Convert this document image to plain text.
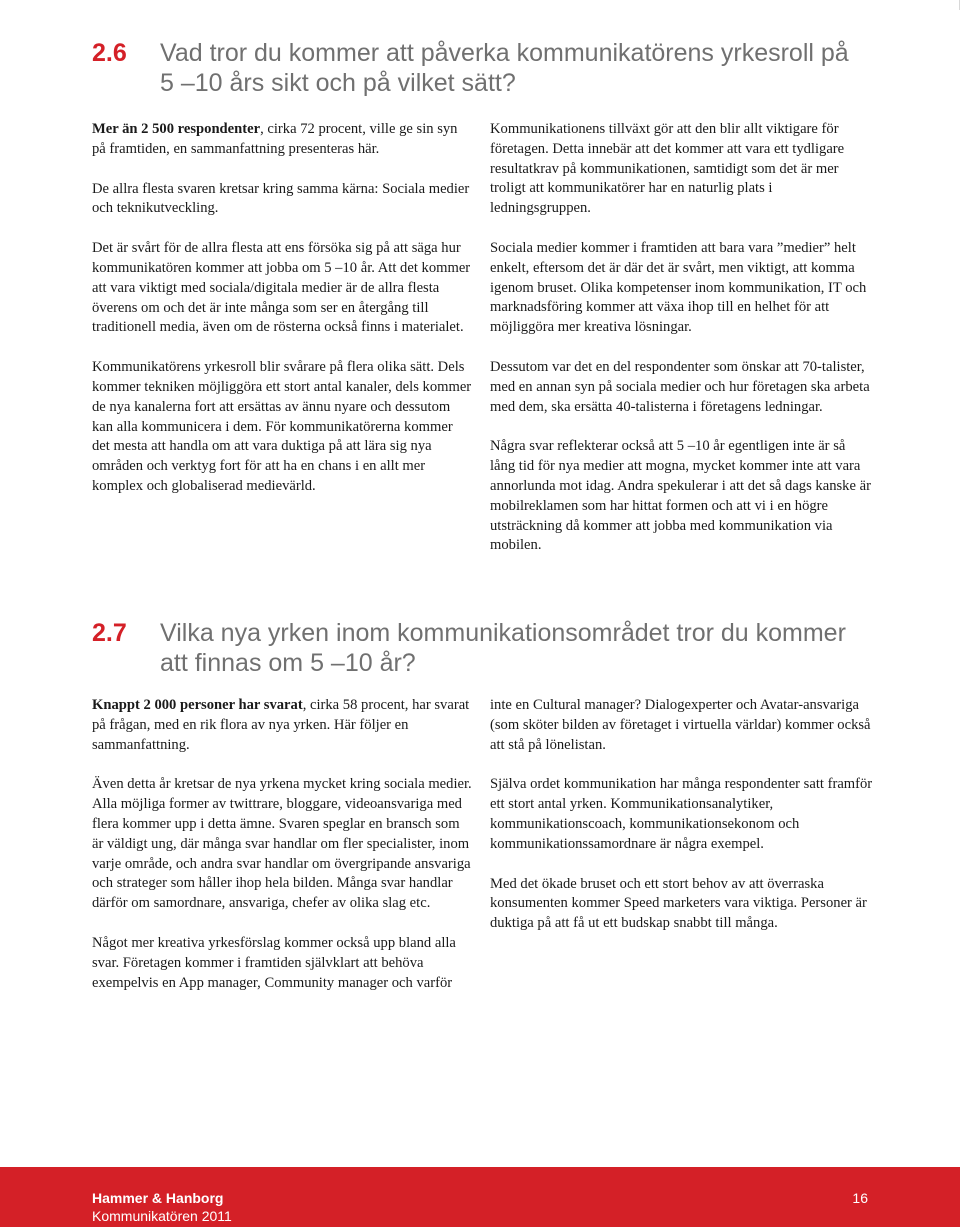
2.6 Vad tror du kommer att påverka kommunikatörens yrkesroll på 5 –10 års sikt och på vilket sätt?

Mer än 2 500 respondenter, cirka 72 procent, ville ge sin syn på framtiden, en sammanfattning presenteras här.

De allra flesta svaren kretsar kring samma kärna: Sociala medier och teknikutveckling.

Det är svårt för de allra flesta att ens försöka sig på att säga hur kommunikatören kommer att jobba om 5 –10 år. Att det kommer att vara viktigt med sociala/digitala medier är de allra flesta överens om och det är inte många som ser en återgång till traditionell media, även om de rösterna också finns i materialet.

Kommunikatörens yrkesroll blir svårare på flera olika sätt. Dels kommer tekniken möjliggöra ett stort antal kanaler, dels kommer de nya kanalerna fort att ersättas av ännu nyare och dessutom kan alla kommunicera i dem. För kommunikatörerna kommer det mesta att handla om att vara duktiga på att lära sig nya områden och verktyg fort för att ha en chans i en allt mer komplex och globaliserad medievärld.

Kommunikationens tillväxt gör att den blir allt viktigare för företagen. Detta innebär att det kommer att vara ett tydligare resultatkrav på kommunikationen, samtidigt som det är mer troligt att kommunikatörer har en naturlig plats i ledningsgruppen.

Sociala medier kommer i framtiden att bara vara ”medier” helt enkelt, eftersom det är där det är svårt, men viktigt, att komma igenom bruset. Olika kompetenser inom kommunikation, IT och marknadsföring kommer att växa ihop till en helhet för att möjliggöra mer kreativa lösningar.

Dessutom var det en del respondenter som önskar att 70-talister, med en annan syn på sociala medier och hur företagen ska arbeta med dem, ska ersätta 40-talisterna i företagens ledningar.

Några svar reflekterar också att 5 –10 år egentligen inte är så lång tid för nya medier att mogna, mycket kommer inte att vara annorlunda mot idag. Andra spekulerar i att det så dags kanske är mobilreklamen som har hittat formen och att vi i en högre utsträckning då kommer att jobba med kommunikation via mobilen.

2.7 Vilka nya yrken inom kommunikationsområdet tror du kommer att finnas om 5 –10 år?

Knappt 2 000 personer har svarat, cirka 58 procent, har svarat på frågan, med en rik flora av nya yrken. Här följer en sammanfattning.

Även detta år kretsar de nya yrkena mycket kring sociala medier. Alla möjliga former av twittrare, bloggare, videoansvariga med flera kommer upp i detta ämne. Svaren speglar en bransch som är väldigt ung, där många svar handlar om fler specialister, inom varje område, och andra svar handlar om övergripande ansvariga och strateger som håller ihop hela bilden. Många svar handlar därför om samordnare, ansvariga, chefer av olika slag etc.

Något mer kreativa yrkesförslag kommer också upp bland alla svar. Företagen kommer i framtiden självklart att behöva exempelvis en App manager, Community manager och varför

inte en Cultural manager? Dialogexperter och Avatar-ansvariga (som sköter bilden av företaget i virtuella världar) kommer också att stå på lönelistan.

Själva ordet kommunikation har många respondenter satt framför ett stort antal yrken. Kommunikationsanalytiker, kommunikationscoach, kommunikationsekonom och kommunikationssamordnare är några exempel.

Med det ökade bruset och ett stort behov av att överraska konsumenten kommer Speed marketers vara viktiga. Personer är duktiga på att få ut ett budskap snabbt till många.

Hammer & Hanborg
Kommunikatören 2011
16
